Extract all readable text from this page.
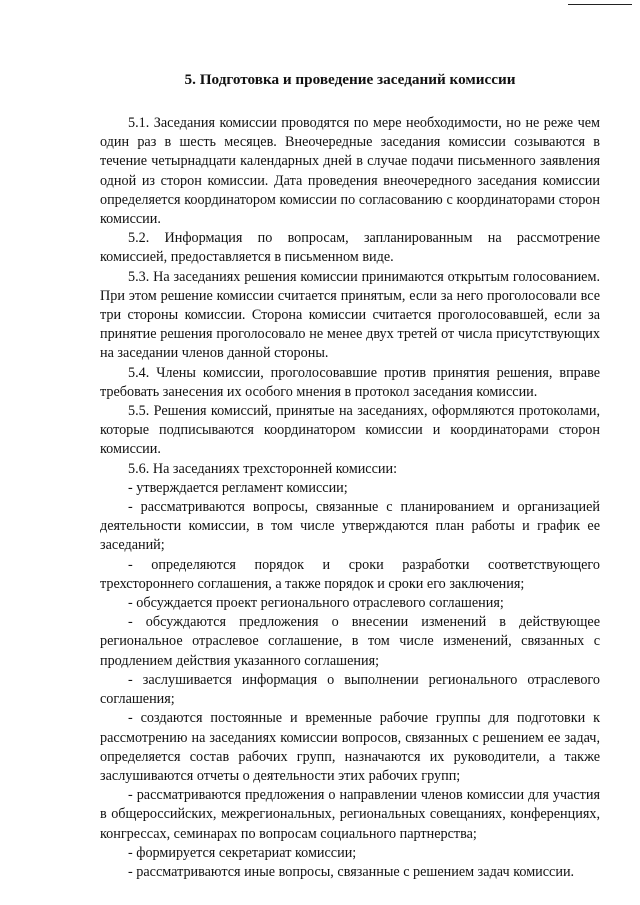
5. Подготовка и проведение заседаний комиссии

5.1. Заседания комиссии проводятся по мере необходимости, но не реже чем один раз в шесть месяцев. Внеочередные заседания комиссии созываются в течение четырнадцати календарных дней в случае подачи письменного заявления одной из сторон комиссии. Дата проведения внеочередного заседания комиссии определяется координатором комиссии по согласованию с координаторами сторон комиссии.

5.2. Информация по вопросам, запланированным на рассмотрение комиссией, предоставляется в письменном виде.

5.3. На заседаниях решения комиссии принимаются открытым голосованием. При этом решение комиссии считается принятым, если за него проголосовали все три стороны комиссии. Сторона комиссии считается проголосовавшей, если за принятие решения проголосовало не менее двух третей от числа присутствующих на заседании членов данной стороны.

5.4. Члены комиссии, проголосовавшие против принятия решения, вправе требовать занесения их особого мнения в протокол заседания комиссии.

5.5. Решения комиссий, принятые на заседаниях, оформляются протоколами, которые подписываются координатором комиссии и координаторами сторон комиссии.

5.6. На заседаниях трехсторонней комиссии:

- утверждается регламент комиссии;

- рассматриваются вопросы, связанные с планированием и организацией деятельности комиссии, в том числе утверждаются план работы и график ее заседаний;

- определяются порядок и сроки разработки соответствующего трехстороннего соглашения, а также порядок и сроки его заключения;

- обсуждается проект регионального отраслевого соглашения;

- обсуждаются предложения о внесении изменений в действующее региональное отраслевое соглашение, в том числе изменений, связанных с продлением действия указанного соглашения;

- заслушивается информация о выполнении регионального отраслевого соглашения;

- создаются постоянные и временные рабочие группы для подготовки к рассмотрению на заседаниях комиссии вопросов, связанных с решением ее задач, определяется состав рабочих групп, назначаются их руководители, а также заслушиваются отчеты о деятельности этих рабочих групп;

- рассматриваются предложения о направлении членов комиссии для участия в общероссийских, межрегиональных, региональных совещаниях, конференциях, конгрессах, семинарах по вопросам социального партнерства;

- формируется секретариат комиссии;

- рассматриваются иные вопросы, связанные с решением задач комиссии.
